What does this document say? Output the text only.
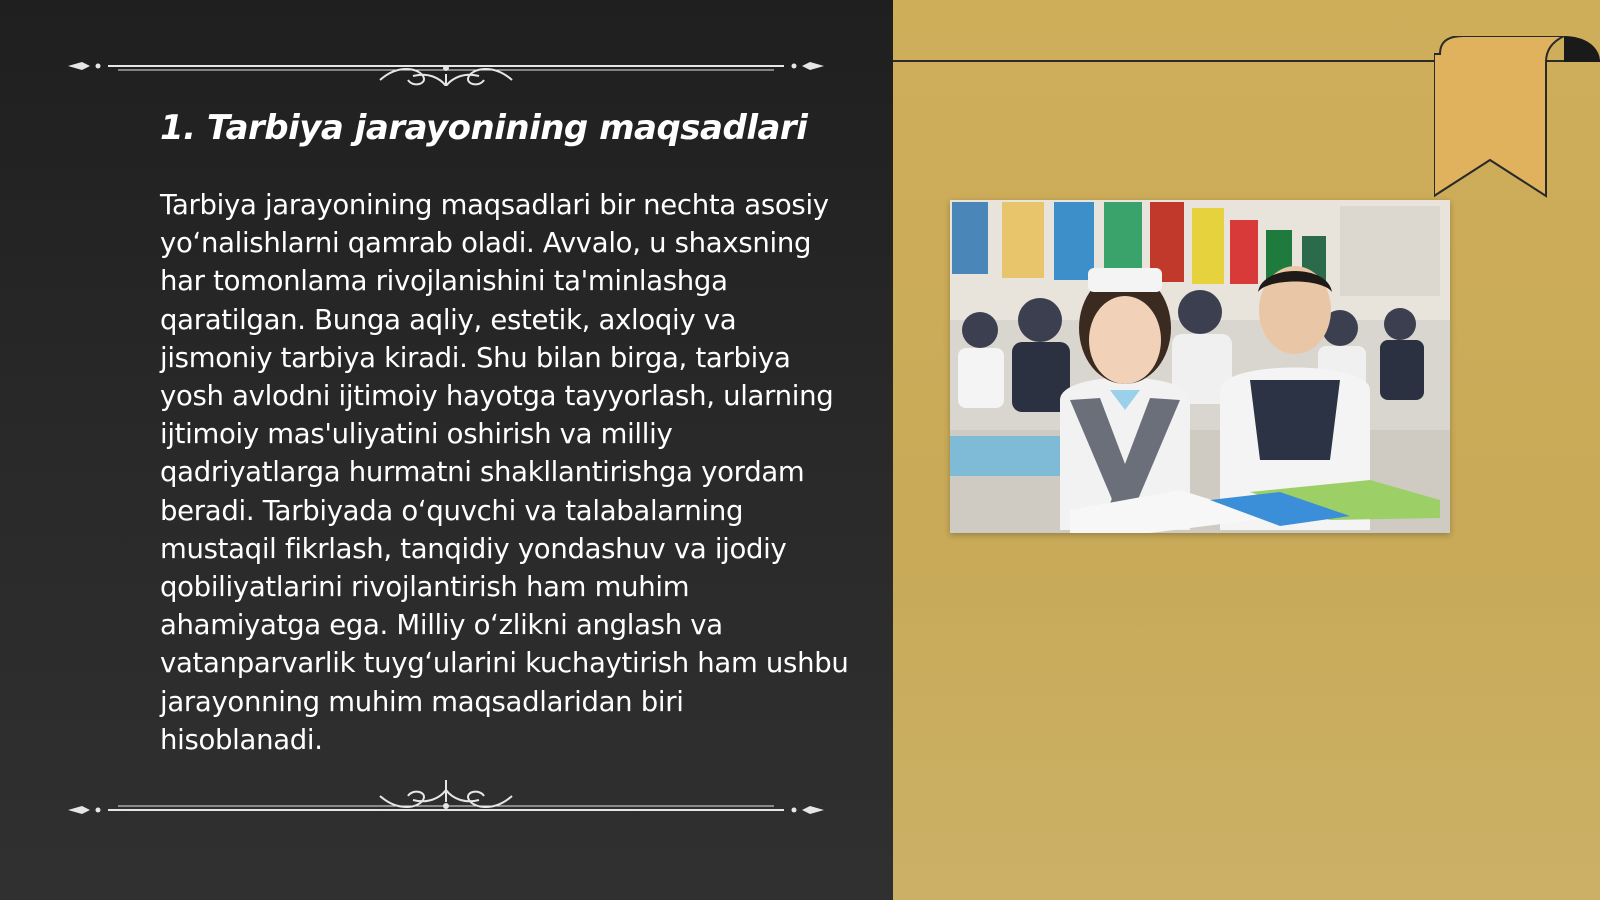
1. Tarbiya jarayonining maqsadlari

Tarbiya jarayonining maqsadlari bir nechta asosiy yoʻnalishlarni qamrab oladi. Avvalo, u shaxsning har tomonlama rivojlanishini ta'minlashga qaratilgan. Bunga aqliy, estetik, axloqiy va jismoniy tarbiya kiradi. Shu bilan birga, tarbiya yosh avlodni ijtimoiy hayotga tayyorlash, ularning ijtimoiy mas'uliyatini oshirish va milliy qadriyatlarga hurmatni shakllantirishga yordam beradi. Tarbiyada oʻquvchi va talabalarning mustaqil fikrlash, tanqidiy yondashuv va ijodiy qobiliyatlarini rivojlantirish ham muhim ahamiyatga ega. Milliy oʻzlikni anglash va vatanparvarlik tuygʻularini kuchaytirish ham ushbu jarayonning muhim maqsadlaridan biri hisoblanadi.
